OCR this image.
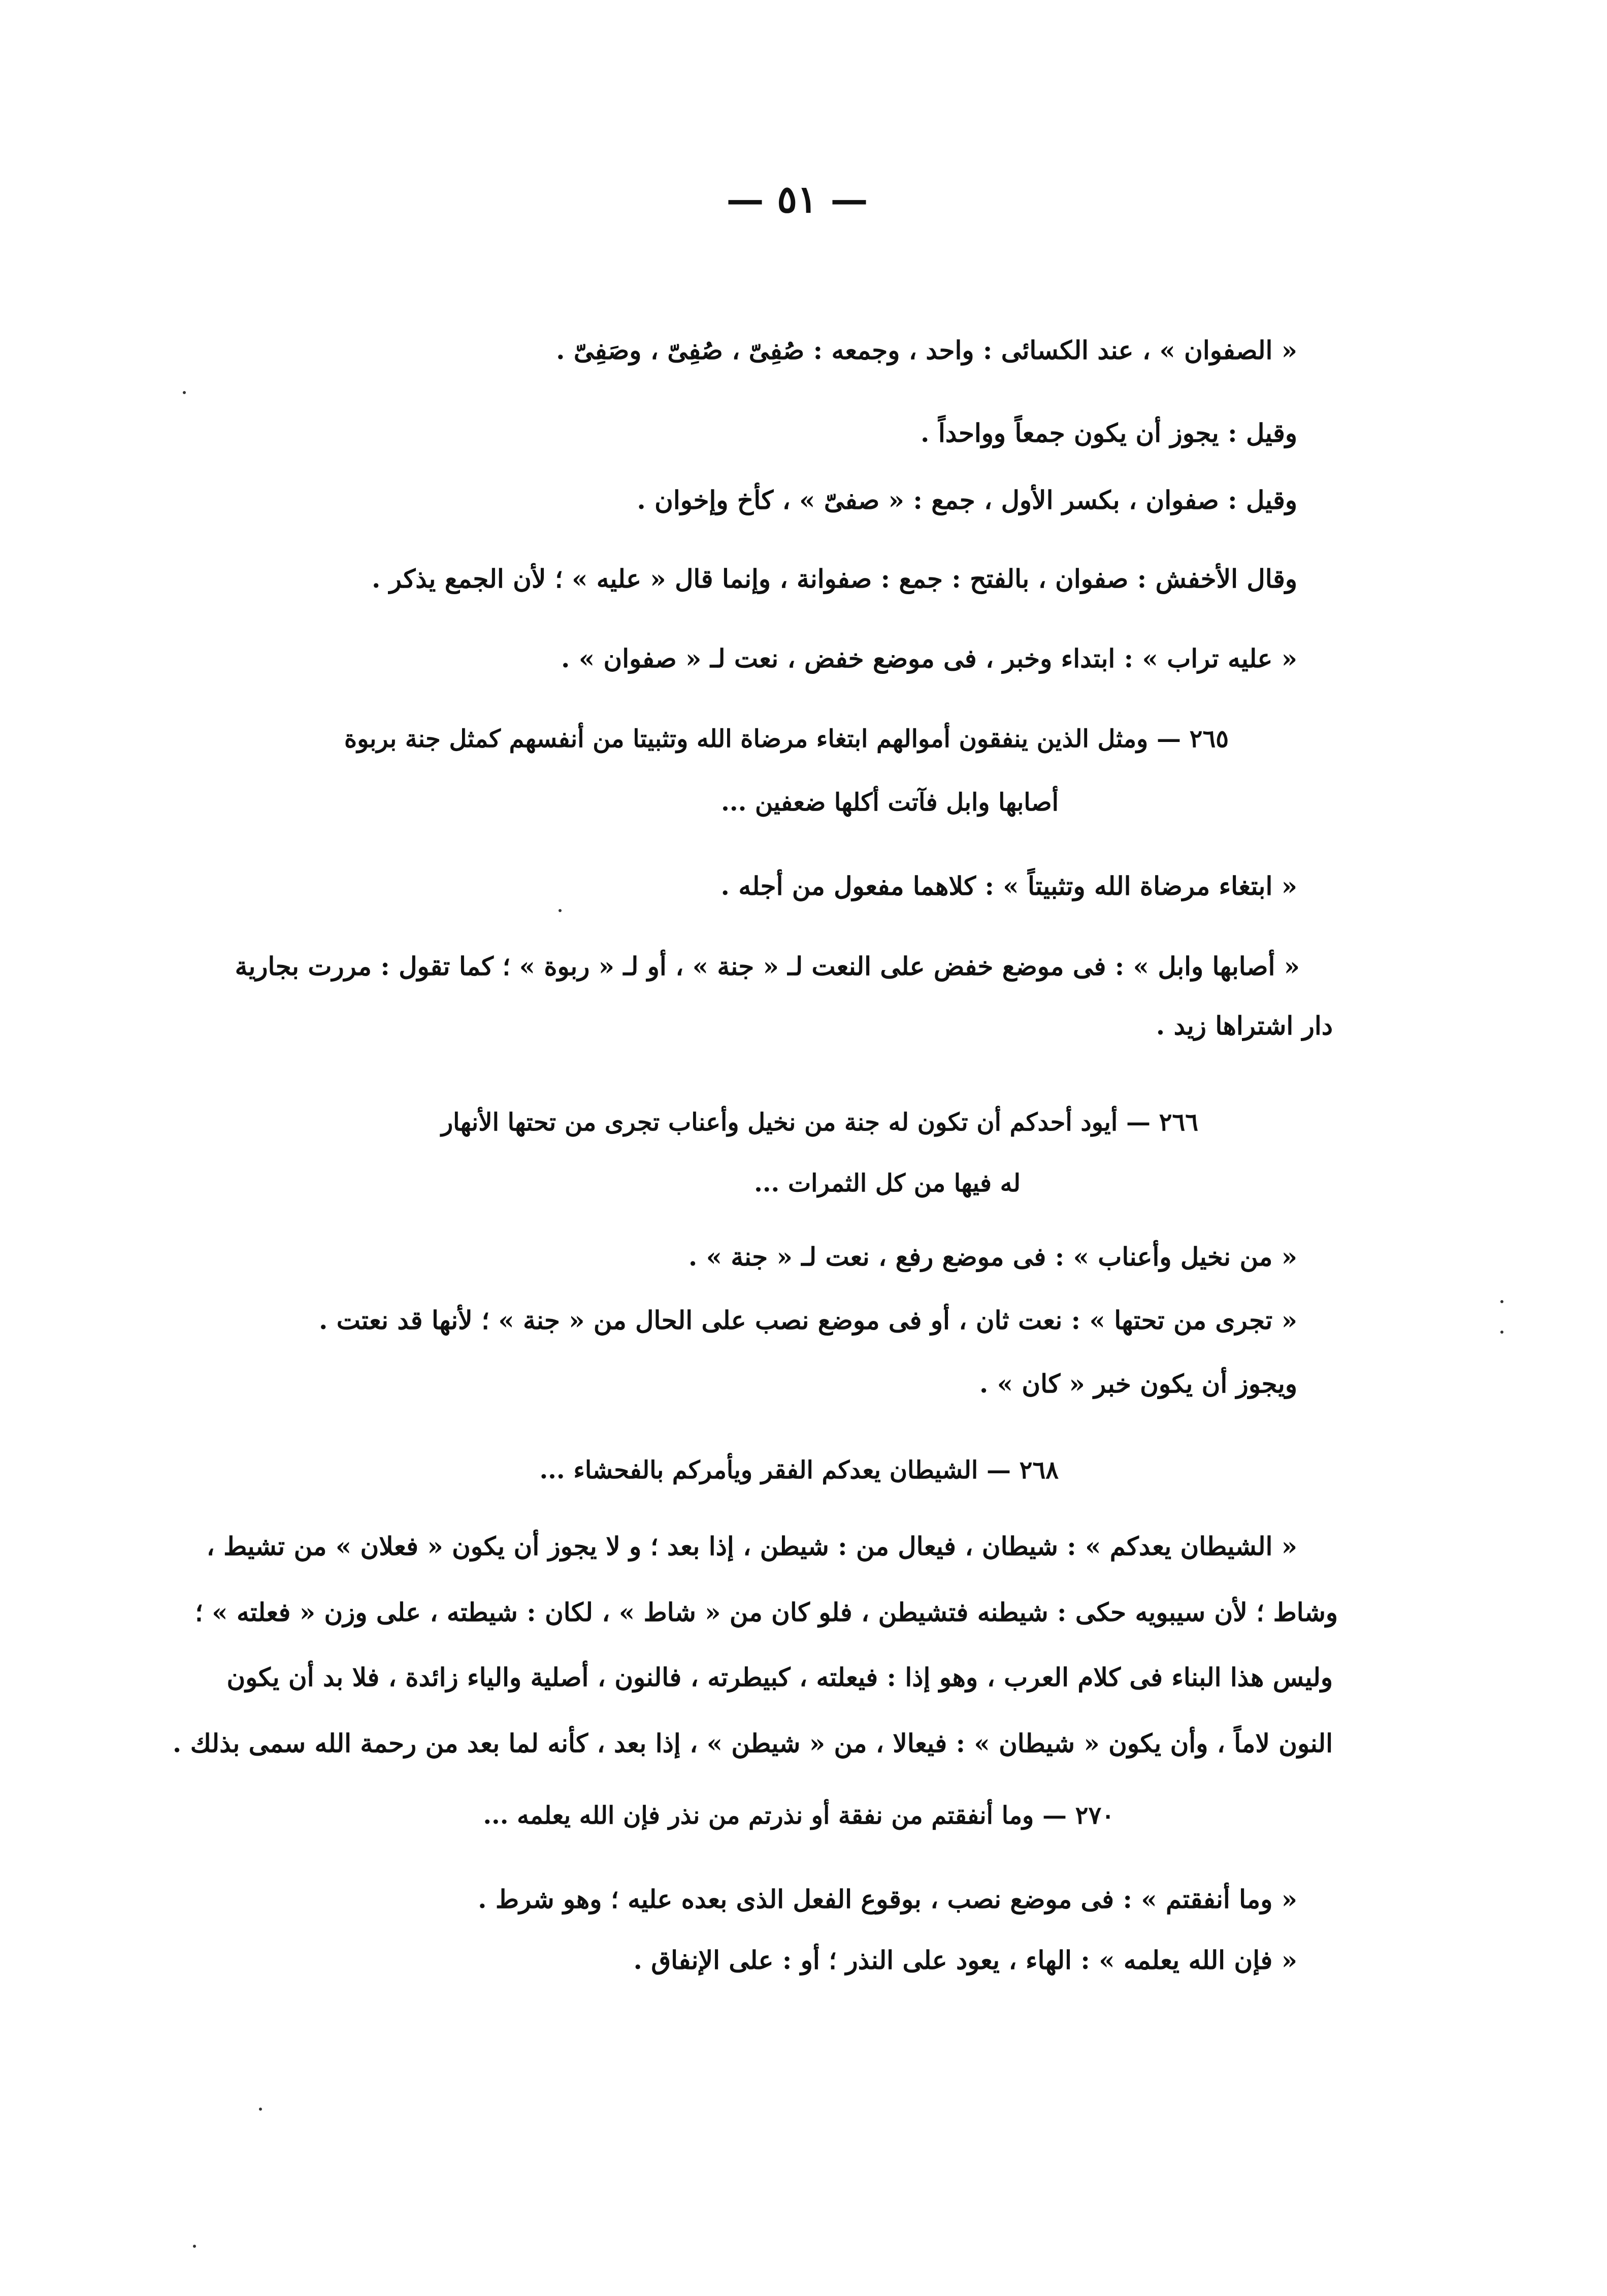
— ٥١ —
« الصفوان » ، عند الكسائى : واحد ، وجمعه : صُفِىّ ، صُفِىّ ، وصَفِىّ .
وقيل : يجوز أن يكون جمعاً وواحداً .
وقيل : صفوان ، بكسر الأول ، جمع : « صفىّ » ، كأخ وإخوان .
وقال الأخفش : صفوان ، بالفتح : جمع : صفوانة ، وإنما قال « عليه » ؛ لأن الجمع يذكر .
« عليه تراب » : ابتداء وخبر ، فى موضع خفض ، نعت لـ « صفوان » .
٢٦٥ — ومثل الذين ينفقون أموالهم ابتغاء مرضاة الله وتثبيتا من أنفسهم كمثل جنة بربوة
أصابها وابل فآتت أكلها ضعفين ...
« ابتغاء مرضاة الله وتثبيتاً » : كلاهما مفعول من أجله .
« أصابها وابل » : فى موضع خفض على النعت لـ « جنة » ، أو لـ « ربوة » ؛ كما تقول : مررت بجارية
دار اشتراها زيد .
٢٦٦ — أيود أحدكم أن تكون له جنة من نخيل وأعناب تجرى من تحتها الأنهار
له فيها من كل الثمرات ...
« من نخيل وأعناب » : فى موضع رفع ، نعت لـ « جنة » .
« تجرى من تحتها » : نعت ثان ، أو فى موضع نصب على الحال من « جنة » ؛ لأنها قد نعتت .
ويجوز أن يكون خبر « كان » .
٢٦٨ — الشيطان يعدكم الفقر ويأمركم بالفحشاء ...
« الشيطان يعدكم » : شيطان ، فيعال من : شيطن ، إذا بعد ؛ و لا يجوز أن يكون « فعلان » من تشيط ،
وشاط ؛ لأن سيبويه حكى : شيطنه فتشيطن ، فلو كان من « شاط » ، لكان : شيطته ، على وزن « فعلته » ؛
وليس هذا البناء فى كلام العرب ، وهو إذا : فيعلته ، كبيطرته ، فالنون ، أصلية والياء زائدة ، فلا بد أن يكون
النون لاماً ، وأن يكون « شيطان » : فيعالا ، من « شيطن » ، إذا بعد ، كأنه لما بعد من رحمة الله سمى بذلك .
٢٧٠ — وما أنفقتم من نفقة أو نذرتم من نذر فإن الله يعلمه ...
« وما أنفقتم » : فى موضع نصب ، بوقوع الفعل الذى بعده عليه ؛ وهو شرط .
« فإن الله يعلمه » : الهاء ، يعود على النذر ؛ أو : على الإنفاق .
